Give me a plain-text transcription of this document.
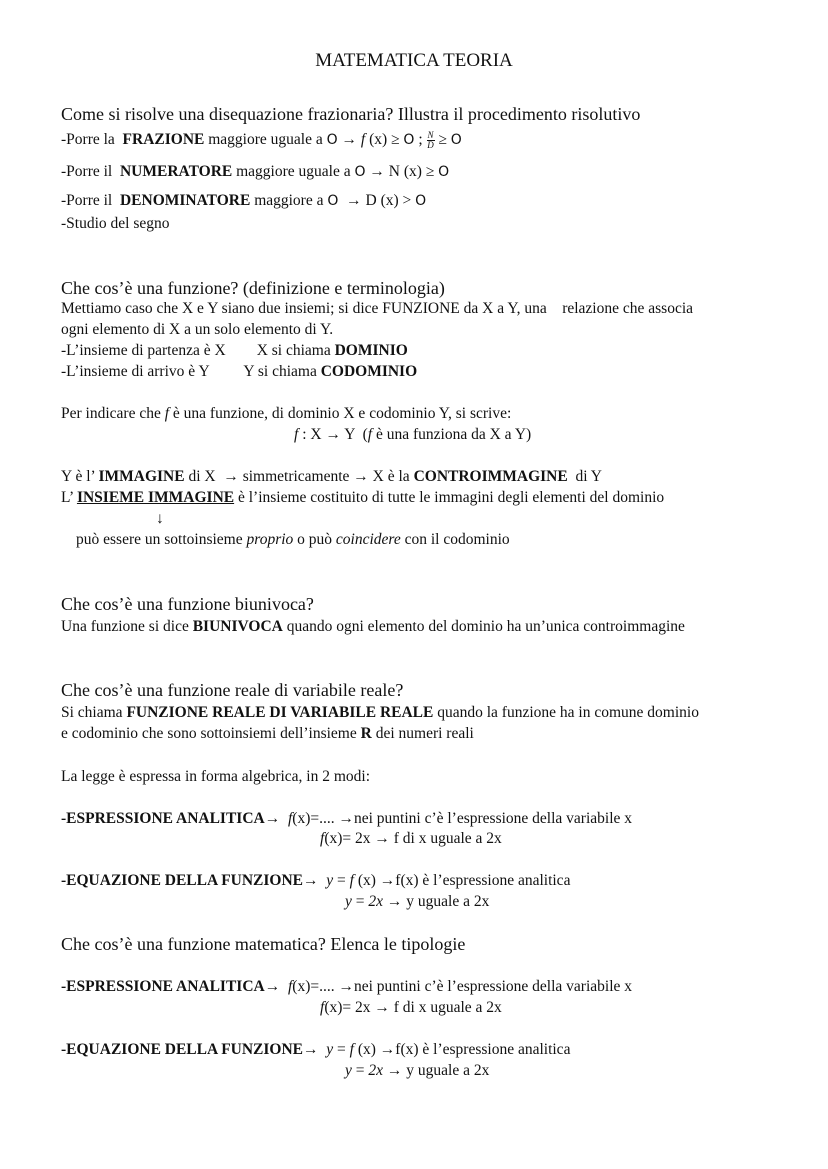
MATEMATICA TEORIA
Come si risolve una disequazione frazionaria? Illustra il procedimento risolutivo
-Porre la  FRAZIONE maggiore uguale a O → f (x) ≥ O ; $\frac{N}{D} \ge O$
-Porre il  NUMERATORE maggiore uguale a O → N (x) ≥ O
-Porre il  DENOMINATORE maggiore a O  → D (x) > O
-Studio del segno
Che cos’è una funzione? (definizione e terminologia)
Mettiamo caso che X e Y siano due insiemi; si dice FUNZIONE da X a Y, una    relazione che associa
ogni elemento di X a un solo elemento di Y.
-L’insieme di partenza è X        X si chiama DOMINIO
-L’insieme di arrivo è Y         Y si chiama CODOMINIO
Per indicare che f è una funzione, di dominio X e codominio Y, si scrive:
f : X → Y  (f è una funziona da X a Y)
Y è l’ IMMAGINE di X  → simmetricamente → X è la CONTROIMMAGINE  di Y
L’ INSIEME IMMAGINE è l’insieme costituito di tutte le immagini degli elementi del dominio
↓
può essere un sottoinsieme proprio o può coincidere con il codominio
Che cos’è una funzione biunivoca?
Una funzione si dice BIUNIVOCA quando ogni elemento del dominio ha un’unica controimmagine
Che cos’è una funzione reale di variabile reale?
Si chiama FUNZIONE REALE DI VARIABILE REALE quando la funzione ha in comune dominio
e codominio che sono sottoinsiemi dell’insieme R dei numeri reali
La legge è espressa in forma algebrica, in 2 modi:
-ESPRESSIONE ANALITICA→ f(x)=.... →nei puntini c’è l’espressione della variabile x
f(x)= 2x → f di x uguale a 2x
-EQUAZIONE DELLA FUNZIONE→ y = f (x) →f(x) è l’espressione analitica
y = 2x → y uguale a 2x
Che cos’è una funzione matematica? Elenca le tipologie
-ESPRESSIONE ANALITICA→ f(x)=.... →nei puntini c’è l’espressione della variabile x
f(x)= 2x → f di x uguale a 2x
-EQUAZIONE DELLA FUNZIONE→ y = f (x) →f(x) è l’espressione analitica
y = 2x → y uguale a 2x
